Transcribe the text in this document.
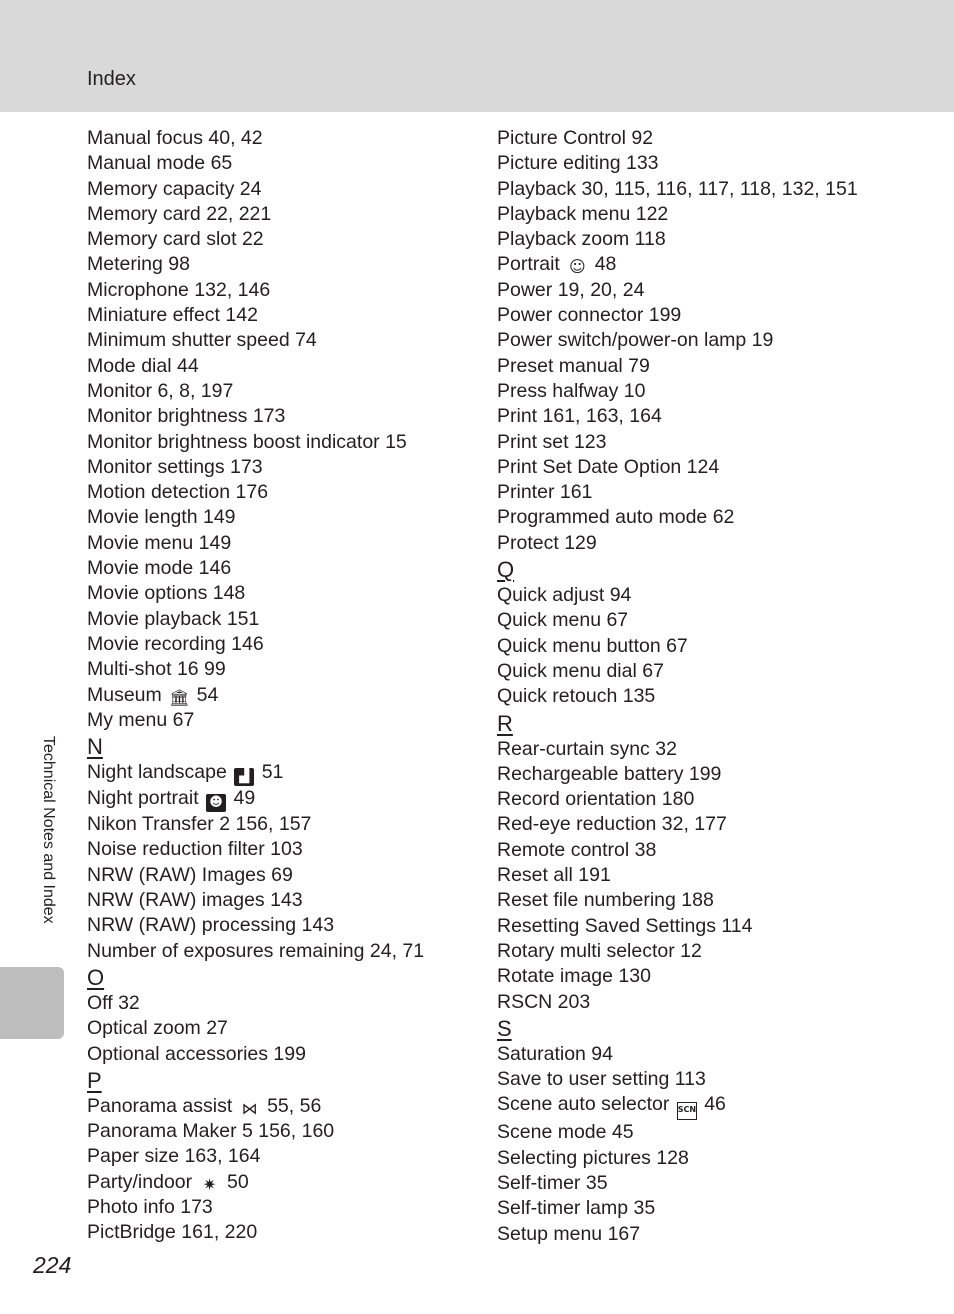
Index
Manual focus 40, 42
Manual mode 65
Memory capacity 24
Memory card 22, 221
Memory card slot 22
Metering 98
Microphone 132, 146
Miniature effect 142
Minimum shutter speed 74
Mode dial 44
Monitor 6, 8, 197
Monitor brightness 173
Monitor brightness boost indicator 15
Monitor settings 173
Motion detection 176
Movie length 149
Movie menu 149
Movie mode 146
Movie options 148
Movie playback 151
Movie recording 146
Multi-shot 16 99
Museum 🏛 54
My menu 67
N
Night landscape ▟ 51
Night portrait ☻ 49
Nikon Transfer 2 156, 157
Noise reduction filter 103
NRW (RAW) Images 69
NRW (RAW) images 143
NRW (RAW) processing 143
Number of exposures remaining 24, 71
O
Off 32
Optical zoom 27
Optional accessories 199
P
Panorama assist ⋈ 55, 56
Panorama Maker 5 156, 160
Paper size 163, 164
Party/indoor ✷ 50
Photo info 173
PictBridge 161, 220
Picture Control 92
Picture editing 133
Playback 30, 115, 116, 117, 118, 132, 151
Playback menu 122
Playback zoom 118
Portrait ☺ 48
Power 19, 20, 24
Power connector 199
Power switch/power-on lamp 19
Preset manual 79
Press halfway 10
Print 161, 163, 164
Print set 123
Print Set Date Option 124
Printer 161
Programmed auto mode 62
Protect 129
Q
Quick adjust 94
Quick menu 67
Quick menu button 67
Quick menu dial 67
Quick retouch 135
R
Rear-curtain sync 32
Rechargeable battery 199
Record orientation 180
Red-eye reduction 32, 177
Remote control 38
Reset all 191
Reset file numbering 188
Resetting Saved Settings 114
Rotary multi selector 12
Rotate image 130
RSCN 203
S
Saturation 94
Save to user setting 113
Scene auto selector SCN 46
Scene mode 45
Selecting pictures 128
Self-timer 35
Self-timer lamp 35
Setup menu 167
Technical Notes and Index
224
